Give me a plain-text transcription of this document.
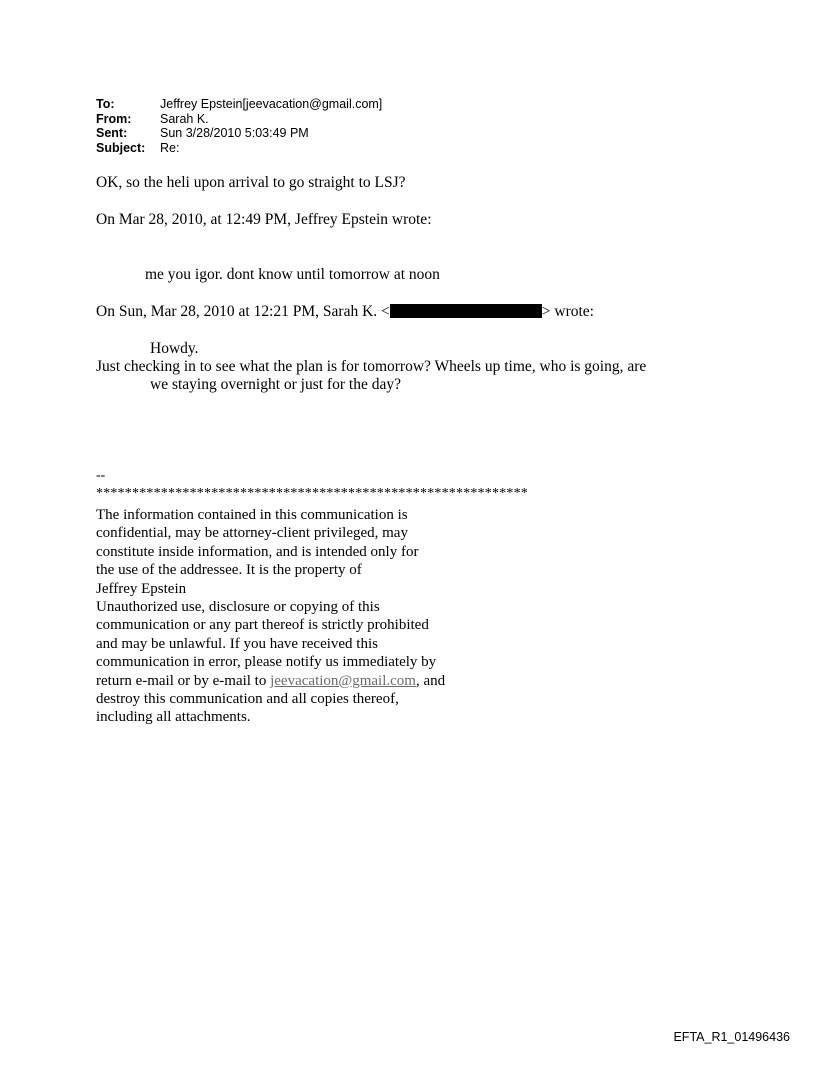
To:	Jeffrey Epstein[jeevacation@gmail.com]
From:	Sarah K.
Sent:	Sun 3/28/2010 5:03:49 PM
Subject:	Re:
OK, so the heli upon arrival to go straight to LSJ?
On Mar 28, 2010, at 12:49 PM, Jeffrey Epstein wrote:
me you igor. dont know until tomorrow at noon
On Sun, Mar 28, 2010 at 12:21 PM, Sarah K. <	> wrote:
Howdy.
Just checking in to see what the plan is for tomorrow? Wheels up time, who is going, are
we staying overnight or just for the day?
--
************************************************************
The information contained in this communication is
confidential, may be attorney-client privileged, may
constitute inside information, and is intended only for
the use of the addressee. It is the property of
Jeffrey Epstein
Unauthorized use, disclosure or copying of this
communication or any part thereof is strictly prohibited
and may be unlawful. If you have received this
communication in error, please notify us immediately by
return e-mail or by e-mail to jeevacation@gmail.com, and
destroy this communication and all copies thereof,
including all attachments.
EFTA_R1_01496436
